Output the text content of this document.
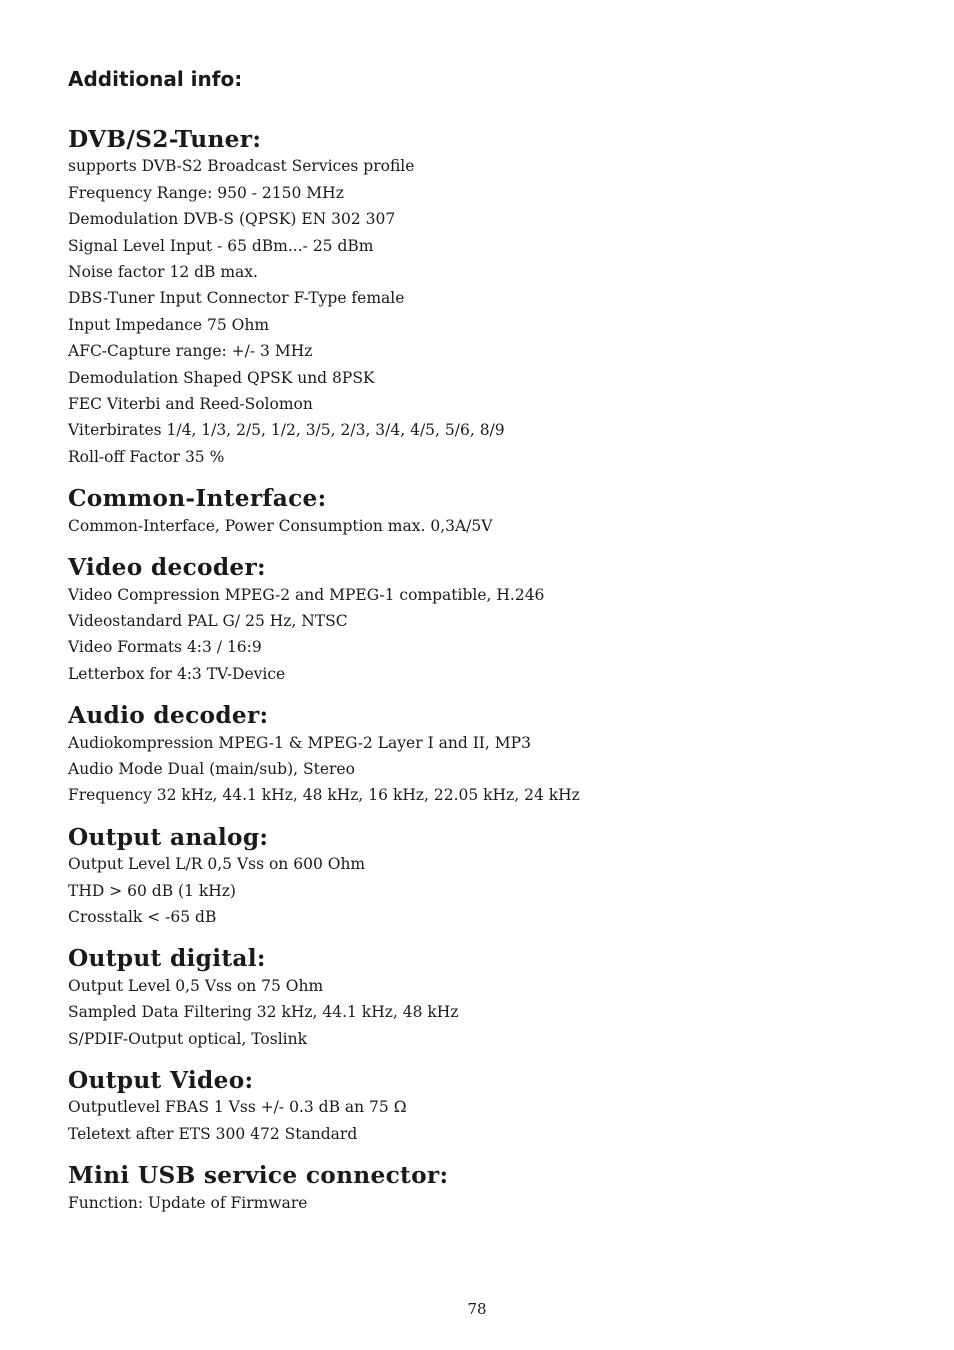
Additional info:
DVB/S2-Tuner:
supports DVB-S2 Broadcast Services profile
Frequency Range: 950 - 2150 MHz
Demodulation DVB-S (QPSK) EN 302 307
Signal Level Input - 65 dBm...- 25 dBm
Noise factor 12 dB max.
DBS-Tuner Input Connector F-Type female
Input Impedance 75 Ohm
AFC-Capture range: +/- 3 MHz
Demodulation Shaped QPSK und 8PSK
FEC Viterbi and Reed-Solomon
Viterbirates 1/4, 1/3, 2/5, 1/2, 3/5, 2/3, 3/4, 4/5, 5/6, 8/9
Roll-off Factor 35 %
Common-Interface:
Common-Interface, Power Consumption max. 0,3A/5V
Video decoder:
Video Compression MPEG-2 and MPEG-1 compatible, H.246
Videostandard PAL G/ 25 Hz, NTSC
Video Formats 4:3 / 16:9
Letterbox for 4:3 TV-Device
Audio decoder:
Audiokompression MPEG-1 & MPEG-2 Layer I and II, MP3
Audio Mode Dual (main/sub), Stereo
Frequency 32 kHz, 44.1 kHz, 48 kHz, 16 kHz, 22.05 kHz, 24 kHz
Output analog:
Output Level L/R 0,5 Vss on 600 Ohm
THD > 60 dB (1 kHz)
Crosstalk < -65 dB
Output digital:
Output Level 0,5 Vss on 75 Ohm
Sampled Data Filtering 32 kHz, 44.1 kHz, 48 kHz
S/PDIF-Output optical, Toslink
Output Video:
Outputlevel FBAS 1 Vss +/- 0.3 dB an 75 Ω
Teletext after ETS 300 472 Standard
Mini USB service connector:
Function: Update of Firmware
78
